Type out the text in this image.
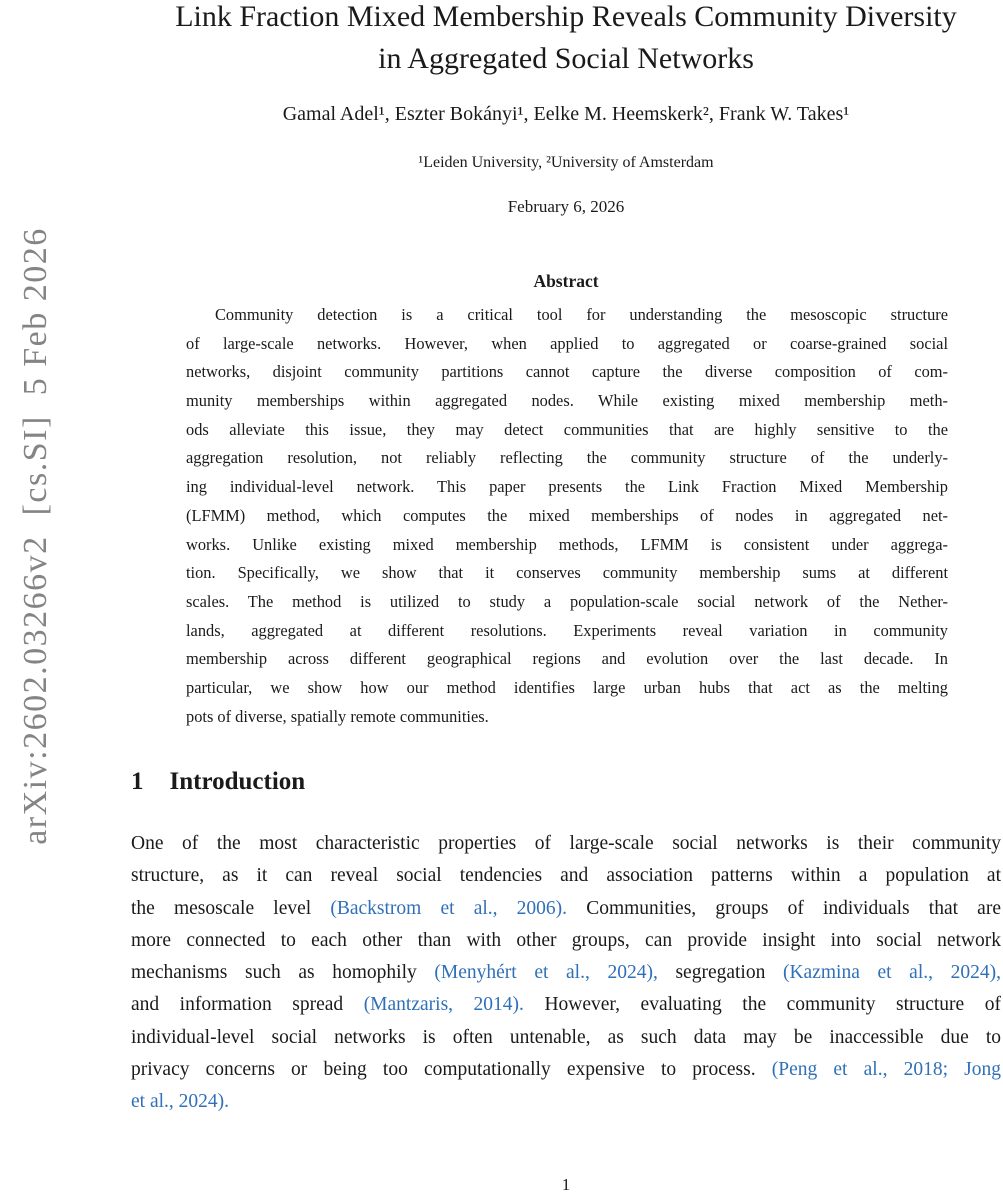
arXiv:2602.03266v2  [cs.SI]  5 Feb 2026
Link Fraction Mixed Membership Reveals Community Diversity
in Aggregated Social Networks
Gamal Adel¹, Eszter Bokányi¹, Eelke M. Heemskerk², Frank W. Takes¹
¹Leiden University, ²University of Amsterdam
February 6, 2026
Abstract
Community detection is a critical tool for understanding the mesoscopic structure
of large-scale networks. However, when applied to aggregated or coarse-grained social
networks, disjoint community partitions cannot capture the diverse composition of com-
munity memberships within aggregated nodes. While existing mixed membership meth-
ods alleviate this issue, they may detect communities that are highly sensitive to the
aggregation resolution, not reliably reflecting the community structure of the underly-
ing individual-level network. This paper presents the Link Fraction Mixed Membership
(LFMM) method, which computes the mixed memberships of nodes in aggregated net-
works. Unlike existing mixed membership methods, LFMM is consistent under aggrega-
tion. Specifically, we show that it conserves community membership sums at different
scales. The method is utilized to study a population-scale social network of the Nether-
lands, aggregated at different resolutions. Experiments reveal variation in community
membership across different geographical regions and evolution over the last decade. In
particular, we show how our method identifies large urban hubs that act as the melting
pots of diverse, spatially remote communities.
1 Introduction
One of the most characteristic properties of large-scale social networks is their community
structure, as it can reveal social tendencies and association patterns within a population at
the mesoscale level (Backstrom et al., 2006). Communities, groups of individuals that are
more connected to each other than with other groups, can provide insight into social network
mechanisms such as homophily (Menyhért et al., 2024), segregation (Kazmina et al., 2024),
and information spread (Mantzaris, 2014). However, evaluating the community structure of
individual-level social networks is often untenable, as such data may be inaccessible due to
privacy concerns or being too computationally expensive to process. (Peng et al., 2018; Jong
et al., 2024).
1
